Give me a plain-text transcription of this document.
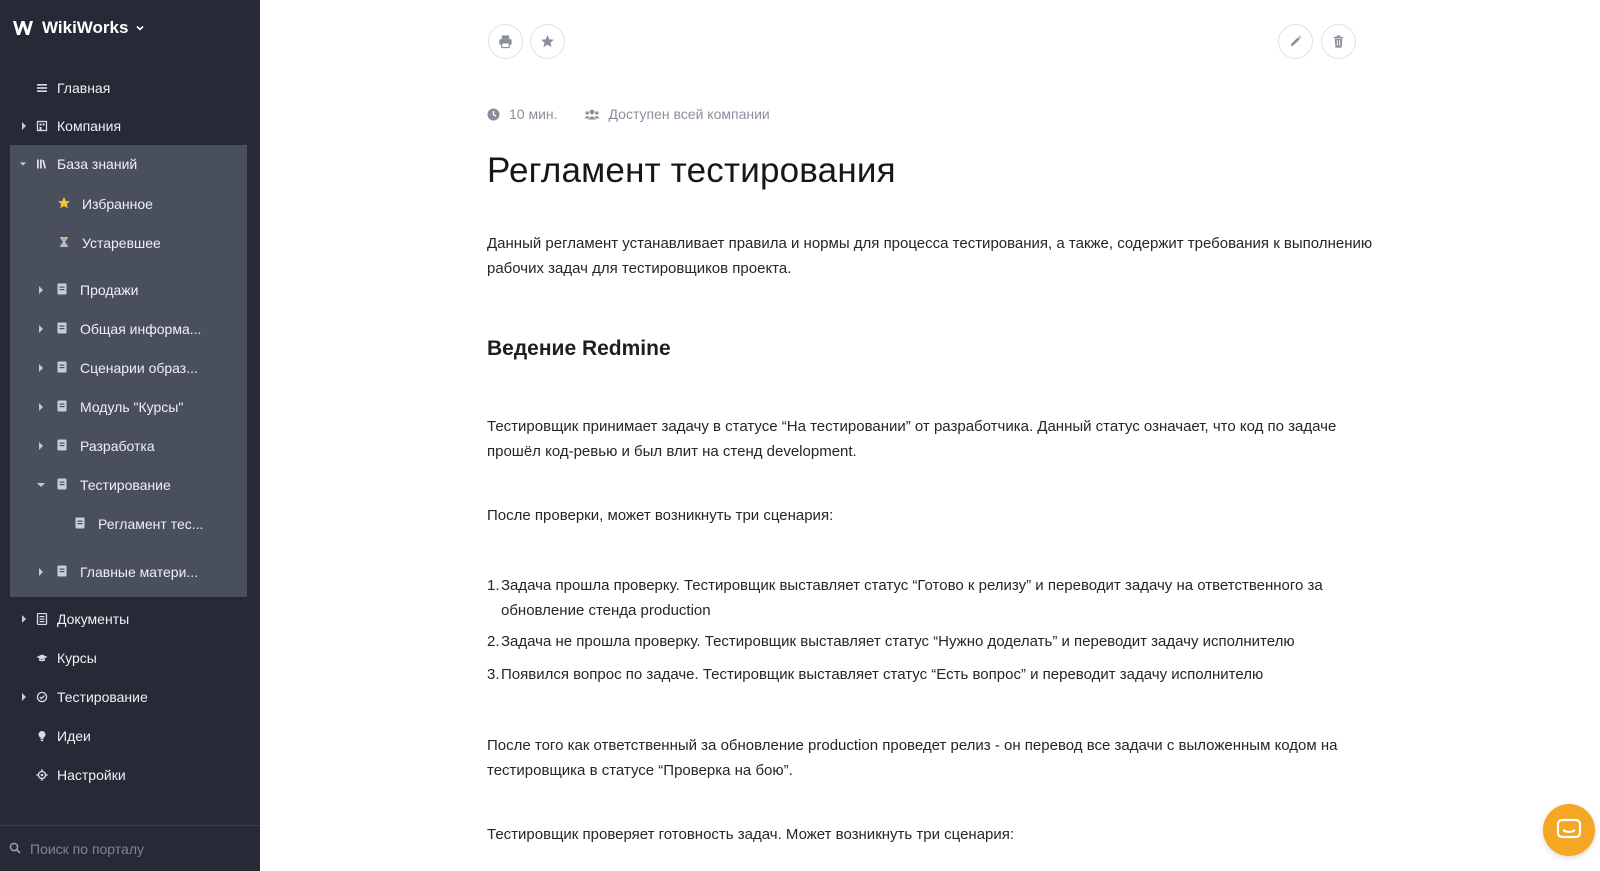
WikiWorks
Главная
Компания
База знаний
Избранное
Устаревшее
Продажи
Общая информа...
Сценарии образ...
Модуль "Курсы"
Разработка
Тестирование
Регламент тес...
Главные матери...
Документы
Курсы
Тестирование
Идеи
Настройки
Поиск по порталу
10 мин.	Доступен всей компании
Регламент тестирования

Данный регламент устанавливает правила и нормы для процесса тестирования, а также, содержит требования к выполнению рабочих задач для тестировщиков проекта.

Ведение Redmine

Тестировщик принимает задачу в статусе “На тестировании” от разработчика. Данный статус означает, что код по задаче прошёл код-ревью и был влит на стенд development.

После проверки, может возникнуть три сценария:

1. Задача прошла проверку. Тестировщик выставляет статус “Готово к релизу” и переводит задачу на ответственного за обновление стенда production
2. Задача не прошла проверку. Тестировщик выставляет статус “Нужно доделать” и переводит задачу исполнителю
3. Появился вопрос по задаче. Тестировщик выставляет статус “Есть вопрос” и переводит задачу исполнителю

После того как ответственный за обновление production проведет релиз - он перевод все задачи с выложенным кодом на тестировщика в статусе “Проверка на бою”.

Тестировщик проверяет готовность задач. Может возникнуть три сценария:
